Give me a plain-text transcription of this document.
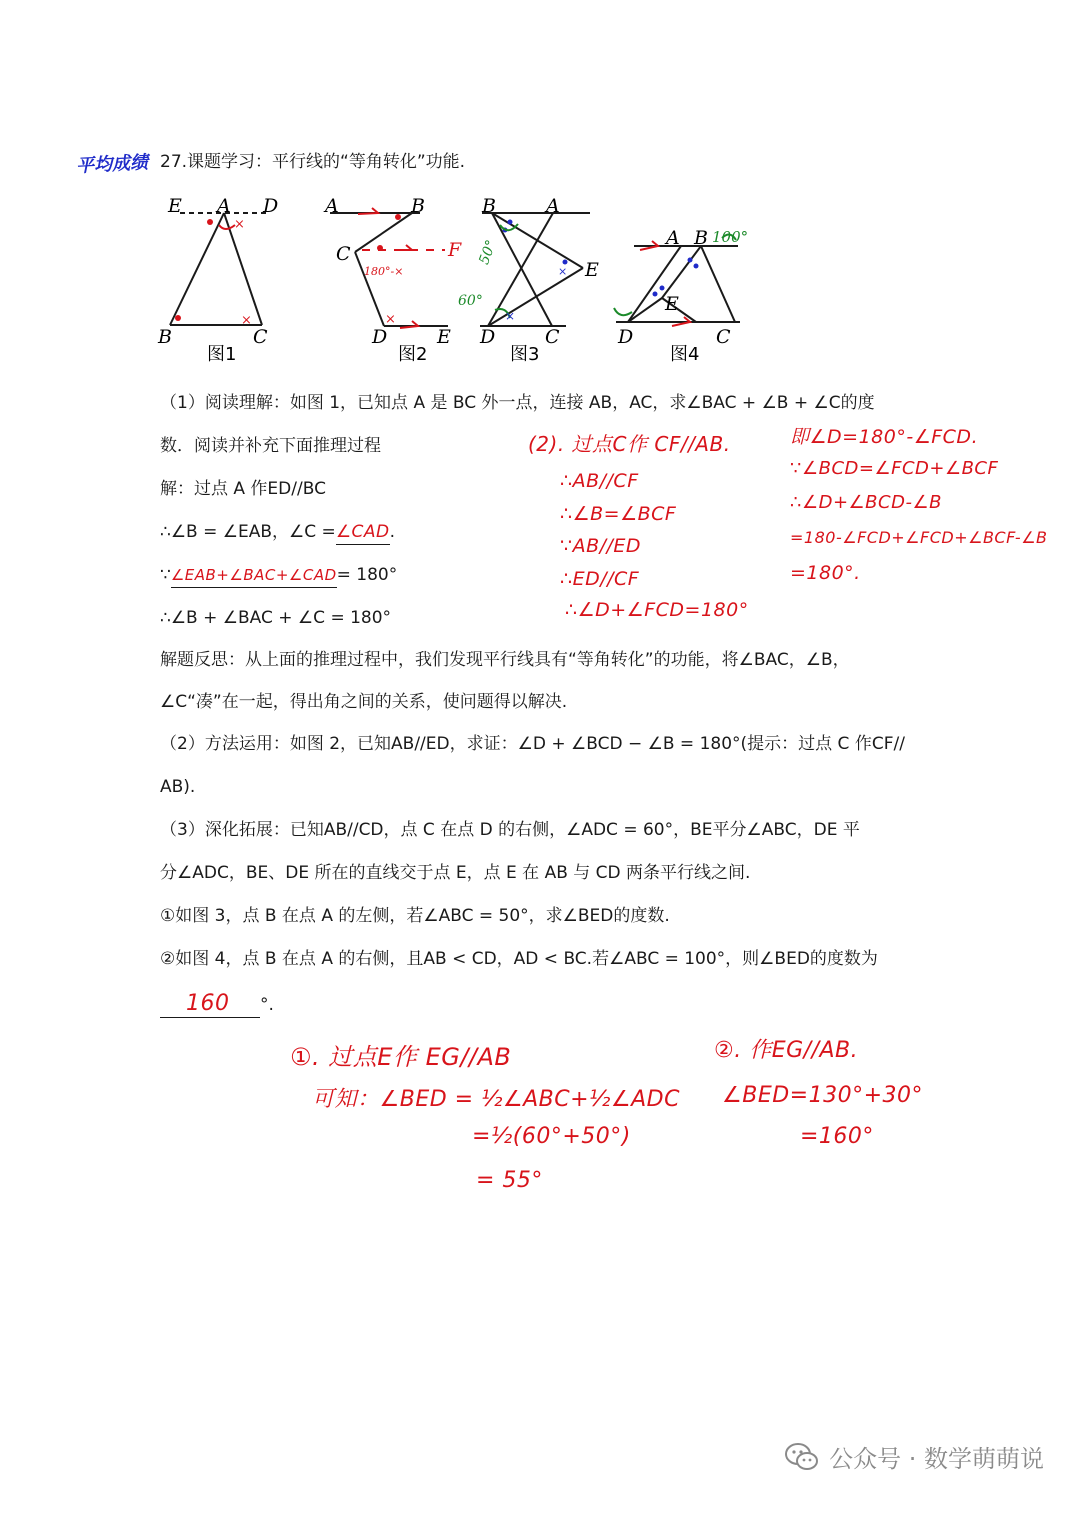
平均成绩 27.课题学习：平行线的“等角转化”功能.
×
×
E A D
B	C
图1
×
180°-×
A	B
C	F
D	E
图2
×
×
50°
60°
B	A
E
D	C
图3
100°
A B
E
D	C
图4
（1）阅读理解：如图 1，已知点 A 是 BC 外一点，连接 AB，AC，求∠BAC + ∠B + ∠C的度
数．阅读并补充下面推理过程
解：过点 A 作ED//BC
∴∠B = ∠EAB，∠C =∠CAD.
∵∠EAB+∠BAC+∠CAD= 180°
∴∠B + ∠BAC + ∠C = 180°
解题反思：从上面的推理过程中，我们发现平行线具有“等角转化”的功能，将∠BAC，∠B，
∠C“凑”在一起，得出角之间的关系，使问题得以解决.
（2）方法运用：如图 2，已知AB//ED，求证：∠D + ∠BCD − ∠B = 180°(提示：过点 C 作CF//
AB).
（3）深化拓展：已知AB//CD，点 C 在点 D 的右侧，∠ADC = 60°，BE平分∠ABC，DE 平
分∠ADC，BE、DE 所在的直线交于点 E，点 E 在 AB 与 CD 两条平行线之间.
①如图 3，点 B 在点 A 的左侧，若∠ABC = 50°，求∠BED的度数.
②如图 4，点 B 在点 A 的右侧，且AB < CD，AD < BC.若∠ABC = 100°，则∠BED的度数为
160 °.
(2). 过点C作 CF//AB.
∴AB//CF
∴∠B=∠BCF
∵AB//ED
∴ED//CF
∴∠D+∠FCD=180°
即∠D=180°-∠FCD.
∵∠BCD=∠FCD+∠BCF
∴∠D+∠BCD-∠B
=180-∠FCD+∠FCD+∠BCF-∠B
=180°.
①. 过点E作 EG//AB
可知：∠BED = ½∠ABC+½∠ADC
=½(60°+50°)
= 55°
②. 作EG//AB.
∠BED=130°+30°
=160°
公众号 · 数学萌萌说
